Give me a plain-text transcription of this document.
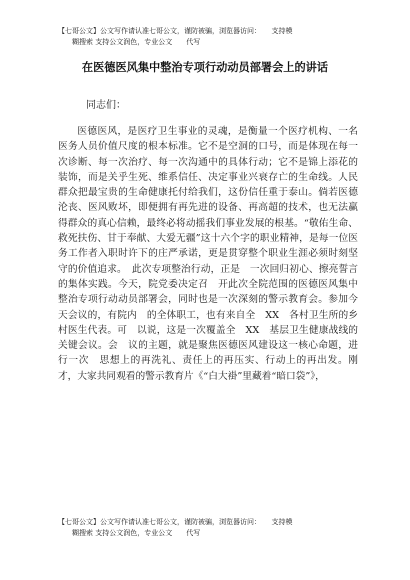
【七哥公文】公文写作请认准七哥公文，谨防被骗，浏览器访问：　　支持模
糊搜索 支持公文润色，专业公文　　代写
在医德医风集中整治专项行动动员部署会上的讲话
同志们：
医德医风，是医疗卫生事业的灵魂，是衡量一个医疗机构、一名医务人员价值尺度的根本标准。它不是空洞的口号，而是体现在每一次诊断、每一次治疗、每一次沟通中的具体行动；它不是锦上添花的装饰，而是关乎生死、维系信任、决定事业兴衰存亡的生命线。人民群众把最宝贵的生命健康托付给我们，这份信任重于泰山。倘若医德沦丧、医风败坏，即便拥有再先进的设备、再高超的技术，也无法赢得群众的真心信赖，最终必将动摇我们事业发展的根基。“敬佑生命、救死扶伤、甘于奉献、大爱无疆”这十六个字的职业精神，是每一位医务工作者入职时许下的庄严承诺，更是贯穿整个职业生涯必须时刻坚守的价值追求。　此次专项整治行动，正是　一次回归初心、擦亮誓言的集体实践。今天，院党委决定召　开此次全院范围的医德医风集中整治专项行动动员部署会，同时也是一次深刻的警示教育会。参加今天会议的，有院内　的全体职工，也有来自全　XX　各村卫生所的乡村医生代表。可　以说，这是一次覆盖全　XX　基层卫生健康战线的关键会议。会　议的主题，就是聚焦医德医风建设这一核心命题，进行一次　思想上的再洗礼、责任上的再压实、行动上的再出发。刚才，大家共同观看的警示教育片《“白大褂”里藏着“暗口袋”》，
【七哥公文】公文写作请认准七哥公文，谨防被骗，浏览器访问：　　支持模
糊搜索 支持公文润色，专业公文　　代写
